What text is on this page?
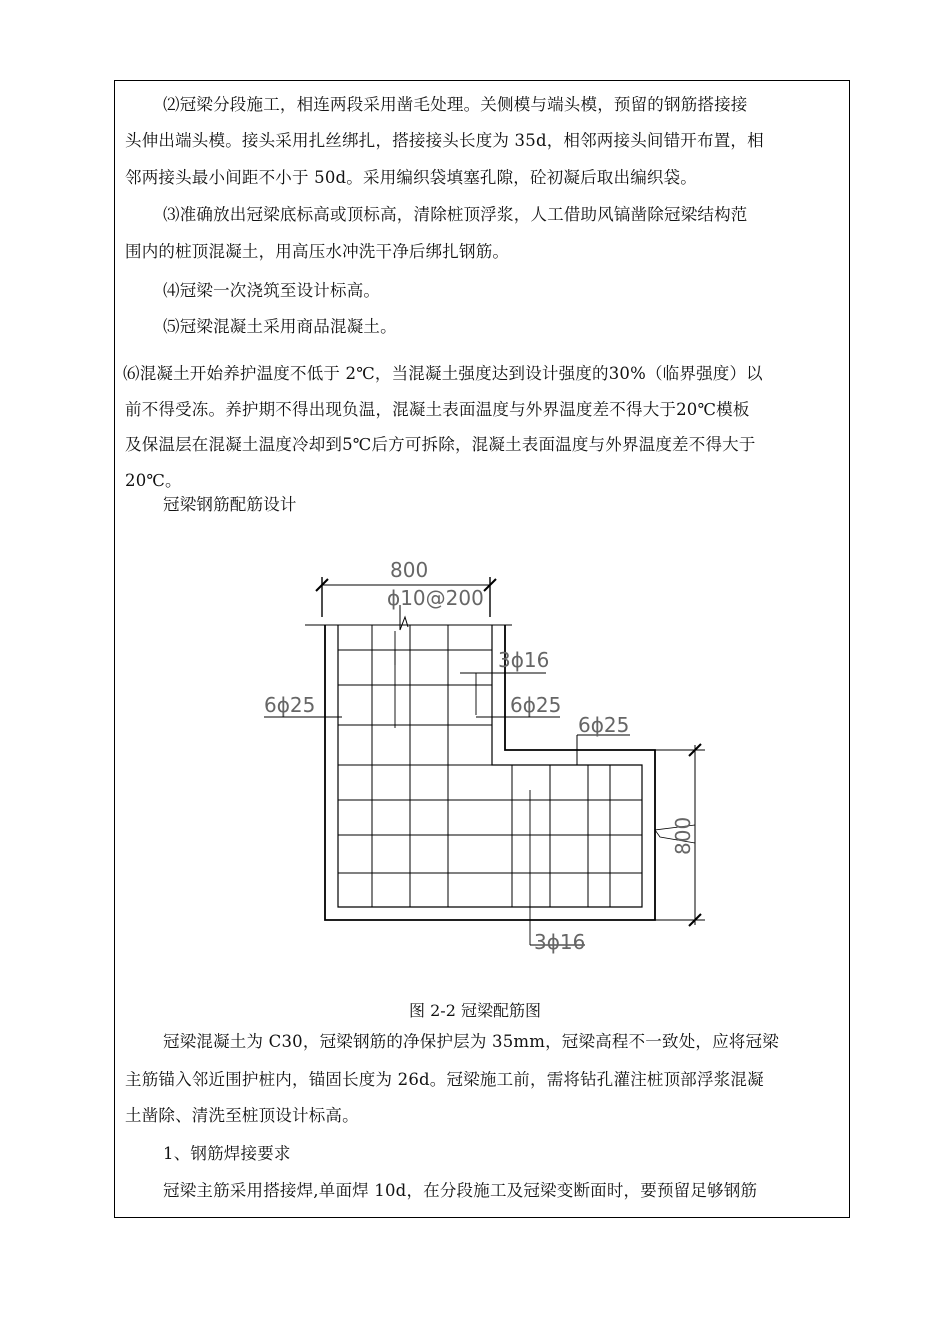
⑵冠梁分段施工，相连两段采用凿毛处理。关侧模与端头模，预留的钢筋搭接接
头伸出端头模。接头采用扎丝绑扎，搭接接头长度为 35d，相邻两接头间错开布置，相
邻两接头最小间距不小于 50d。采用编织袋填塞孔隙，砼初凝后取出编织袋。
⑶准确放出冠梁底标高或顶标高，清除桩顶浮浆，人工借助风镐凿除冠梁结构范
围内的桩顶混凝土，用高压水冲洗干净后绑扎钢筋。
⑷冠梁一次浇筑至设计标高。
⑸冠梁混凝土采用商品混凝土。
⑹混凝土开始养护温度不低于 2℃，当混凝土强度达到设计强度的30%（临界强度）以
前不得受冻。养护期不得出现负温，混凝土表面温度与外界温度差不得大于20℃模板
及保温层在混凝土温度冷却到5℃后方可拆除，混凝土表面温度与外界温度差不得大于
20℃。
冠梁钢筋配筋设计
800
ϕ10@200
3ϕ16
6ϕ25	6ϕ25
6ϕ25
3ϕ16
800
图 2-2 冠梁配筋图
冠梁混凝土为 C30，冠梁钢筋的净保护层为 35mm，冠梁高程不一致处，应将冠梁
主筋锚入邻近围护桩内，锚固长度为 26d。冠梁施工前，需将钻孔灌注桩顶部浮浆混凝
土凿除、清洗至桩顶设计标高。
1、钢筋焊接要求
冠梁主筋采用搭接焊,单面焊 10d，在分段施工及冠梁变断面时，要预留足够钢筋
